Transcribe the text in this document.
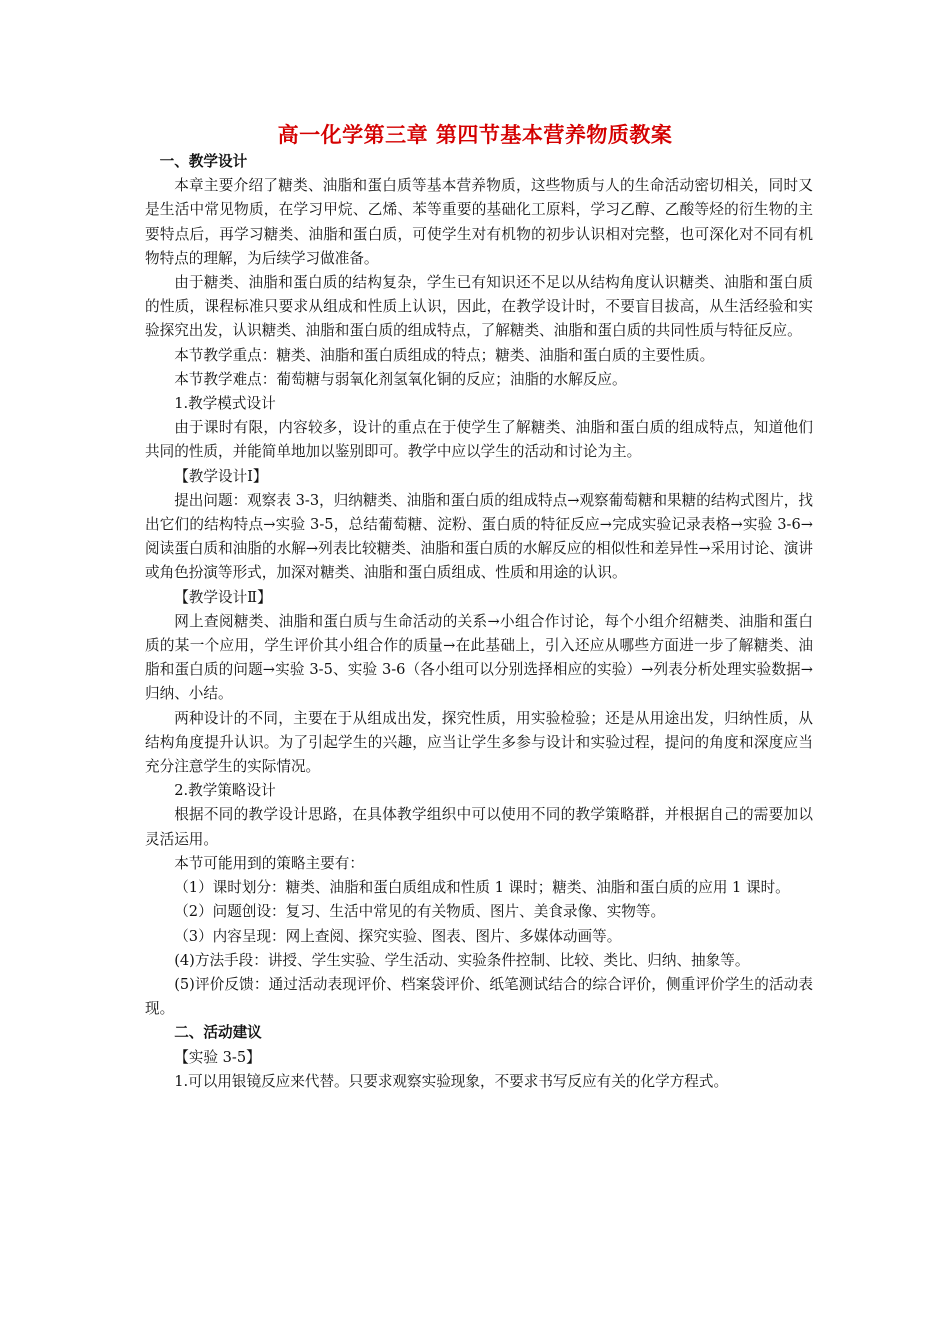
高一化学第三章 第四节基本营养物质教案

一、教学设计

本章主要介绍了糖类、油脂和蛋白质等基本营养物质，这些物质与人的生命活动密切相关，同时又是生活中常见物质，在学习甲烷、乙烯、苯等重要的基础化工原料，学习乙醇、乙酸等烃的衍生物的主要特点后，再学习糖类、油脂和蛋白质，可使学生对有机物的初步认识相对完整，也可深化对不同有机物特点的理解，为后续学习做准备。

由于糖类、油脂和蛋白质的结构复杂，学生已有知识还不足以从结构角度认识糖类、油脂和蛋白质的性质，课程标准只要求从组成和性质上认识，因此，在教学设计时，不要盲目拔高，从生活经验和实验探究出发，认识糖类、油脂和蛋白质的组成特点，了解糖类、油脂和蛋白质的共同性质与特征反应。

本节教学重点：糖类、油脂和蛋白质组成的特点；糖类、油脂和蛋白质的主要性质。

本节教学难点：葡萄糖与弱氧化剂氢氧化铜的反应；油脂的水解反应。

1.教学模式设计

由于课时有限，内容较多，设计的重点在于使学生了解糖类、油脂和蛋白质的组成特点，知道他们共同的性质，并能简单地加以鉴别即可。教学中应以学生的活动和讨论为主。

【教学设计Ⅰ】

提出问题：观察表 3-3，归纳糖类、油脂和蛋白质的组成特点→观察葡萄糖和果糖的结构式图片，找出它们的结构特点→实验 3-5，总结葡萄糖、淀粉、蛋白质的特征反应→完成实验记录表格→实验 3-6→阅读蛋白质和油脂的水解→列表比较糖类、油脂和蛋白质的水解反应的相似性和差异性→采用讨论、演讲或角色扮演等形式，加深对糖类、油脂和蛋白质组成、性质和用途的认识。

【教学设计Ⅱ】

网上查阅糖类、油脂和蛋白质与生命活动的关系→小组合作讨论，每个小组介绍糖类、油脂和蛋白质的某一个应用，学生评价其小组合作的质量→在此基础上，引入还应从哪些方面进一步了解糖类、油脂和蛋白质的问题→实验 3-5、实验 3-6（各小组可以分别选择相应的实验）→列表分析处理实验数据→归纳、小结。

两种设计的不同，主要在于从组成出发，探究性质，用实验检验；还是从用途出发，归纳性质，从结构角度提升认识。为了引起学生的兴趣，应当让学生多参与设计和实验过程，提问的角度和深度应当充分注意学生的实际情况。

2.教学策略设计

根据不同的教学设计思路，在具体教学组织中可以使用不同的教学策略群，并根据自己的需要加以灵活运用。

本节可能用到的策略主要有：

（1）课时划分：糖类、油脂和蛋白质组成和性质 1 课时；糖类、油脂和蛋白质的应用 1 课时。

（2）问题创设：复习、生活中常见的有关物质、图片、美食录像、实物等。

（3）内容呈现：网上查阅、探究实验、图表、图片、多媒体动画等。

(4)方法手段：讲授、学生实验、学生活动、实验条件控制、比较、类比、归纳、抽象等。

(5)评价反馈：通过活动表现评价、档案袋评价、纸笔测试结合的综合评价，侧重评价学生的活动表现。

二、活动建议

【实验 3-5】

1.可以用银镜反应来代替。只要求观察实验现象，不要求书写反应有关的化学方程式。
